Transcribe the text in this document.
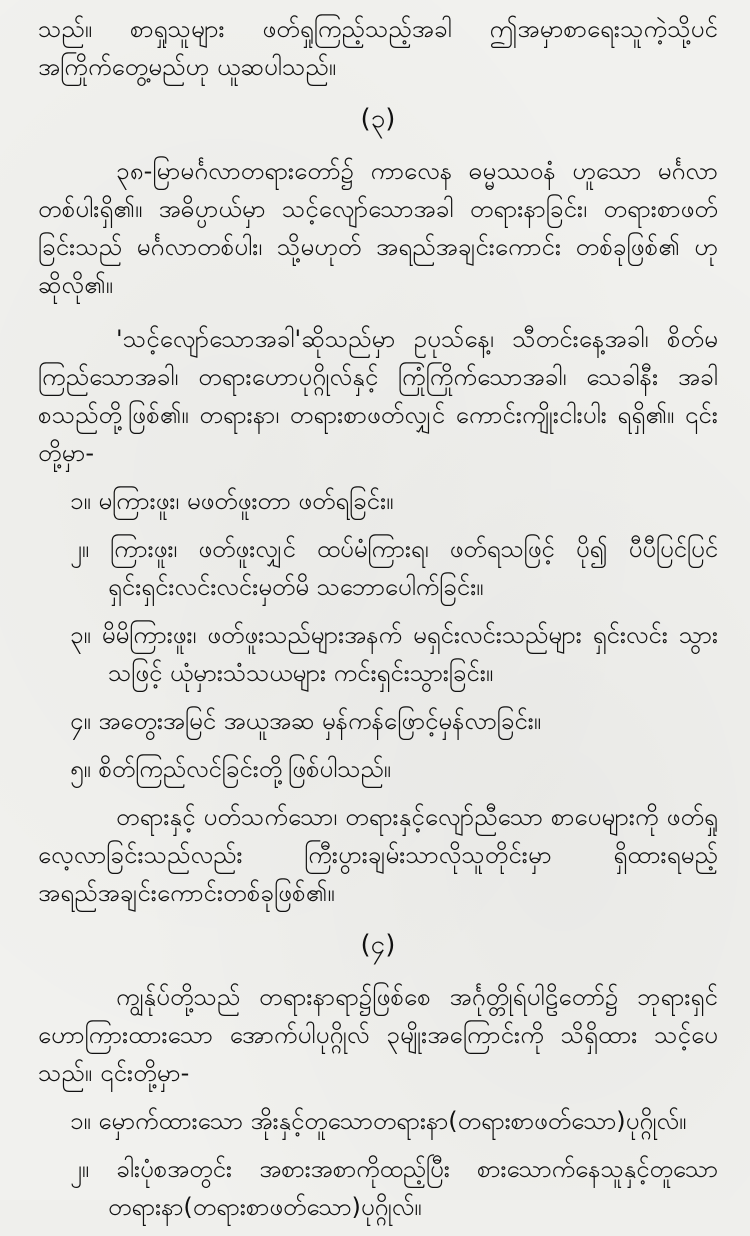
သည်။ စာရှုသူများ ဖတ်ရှုကြည့်သည့်အခါ ဤအမှာစာရေးသူကဲ့သို့ပင် အကြိုက်တွေ့မည်ဟု ယူဆပါသည်။

(၃)

၃၈-မြာမင်္ဂလာတရားတော်၌ ကာလေန ဓမ္မဿဝနံ ဟူသော မင်္ဂလာတစ်ပါးရှိ၏။ အဓိပ္ပာယ်မှာ သင့်လျော်သောအခါ တရားနာခြင်း၊ တရားစာဖတ်ခြင်းသည် မင်္ဂလာတစ်ပါး၊ သို့မဟုတ် အရည်အချင်းကောင်း တစ်ခုဖြစ်၏ ဟုဆိုလို၏။

'သင့်လျော်သောအခါ'ဆိုသည်မှာ ဥပုသ်နေ့၊ သီတင်းနေ့အခါ၊ စိတ်မကြည်သောအခါ၊ တရားဟောပုဂ္ဂိုလ်နှင့် ကြုံကြိုက်သောအခါ၊ သေခါနီး အခါ စသည်တို့ဖြစ်၏။ တရားနာ၊ တရားစာဖတ်လျှင် ကောင်းကျိုးငါးပါး ရရှိ၏။ ၎င်းတို့မှာ-

၁။ မကြားဖူး၊ မဖတ်ဖူးတာ ဖတ်ရခြင်း။
၂။ ကြားဖူး၊ ဖတ်ဖူးလျှင် ထပ်မံကြားရ၊ ဖတ်ရသဖြင့် ပို၍ ပီပီပြင်ပြင် ရှင်းရှင်းလင်းလင်းမှတ်မိ သဘောပေါက်ခြင်း။
၃။ မိမိကြားဖူး၊ ဖတ်ဖူးသည်များအနက် မရှင်းလင်းသည်များ ရှင်းလင်း သွားသဖြင့် ယုံမှားသံသယများ ကင်းရှင်းသွားခြင်း။
၄။ အတွေးအမြင် အယူအဆ မှန်ကန်ဖြောင့်မှန်လာခြင်း။
၅။ စိတ်ကြည်လင်ခြင်းတို့ဖြစ်ပါသည်။

တရားနှင့် ပတ်သက်သော၊ တရားနှင့်လျော်ညီသော စာပေများကို ဖတ်ရှုလေ့လာခြင်းသည်လည်း ကြီးပွားချမ်းသာလိုသူတိုင်းမှာ ရှိထားရမည့် အရည်အချင်းကောင်းတစ်ခုဖြစ်၏။

(၄)

ကျွန်ုပ်တို့သည် တရားနာရာ၌ဖြစ်စေ အင်္ဂုတ္တိုရ်ပါဠိတော်၌ ဘုရားရှင် ဟောကြားထားသော အောက်ပါပုဂ္ဂိုလ် ၃မျိုးအကြောင်းကို သိရှိထား သင့်ပေသည်။ ၎င်းတို့မှာ-

၁။ မှောက်ထားသော အိုးနှင့်တူသောတရားနာ(တရားစာဖတ်သော)ပုဂ္ဂိုလ်။
၂။ ခါးပုံစအတွင်း အစားအစာကိုထည့်ပြီး စားသောက်နေသူနှင့်တူသော တရားနာ(တရားစာဖတ်သော)ပုဂ္ဂိုလ်။
